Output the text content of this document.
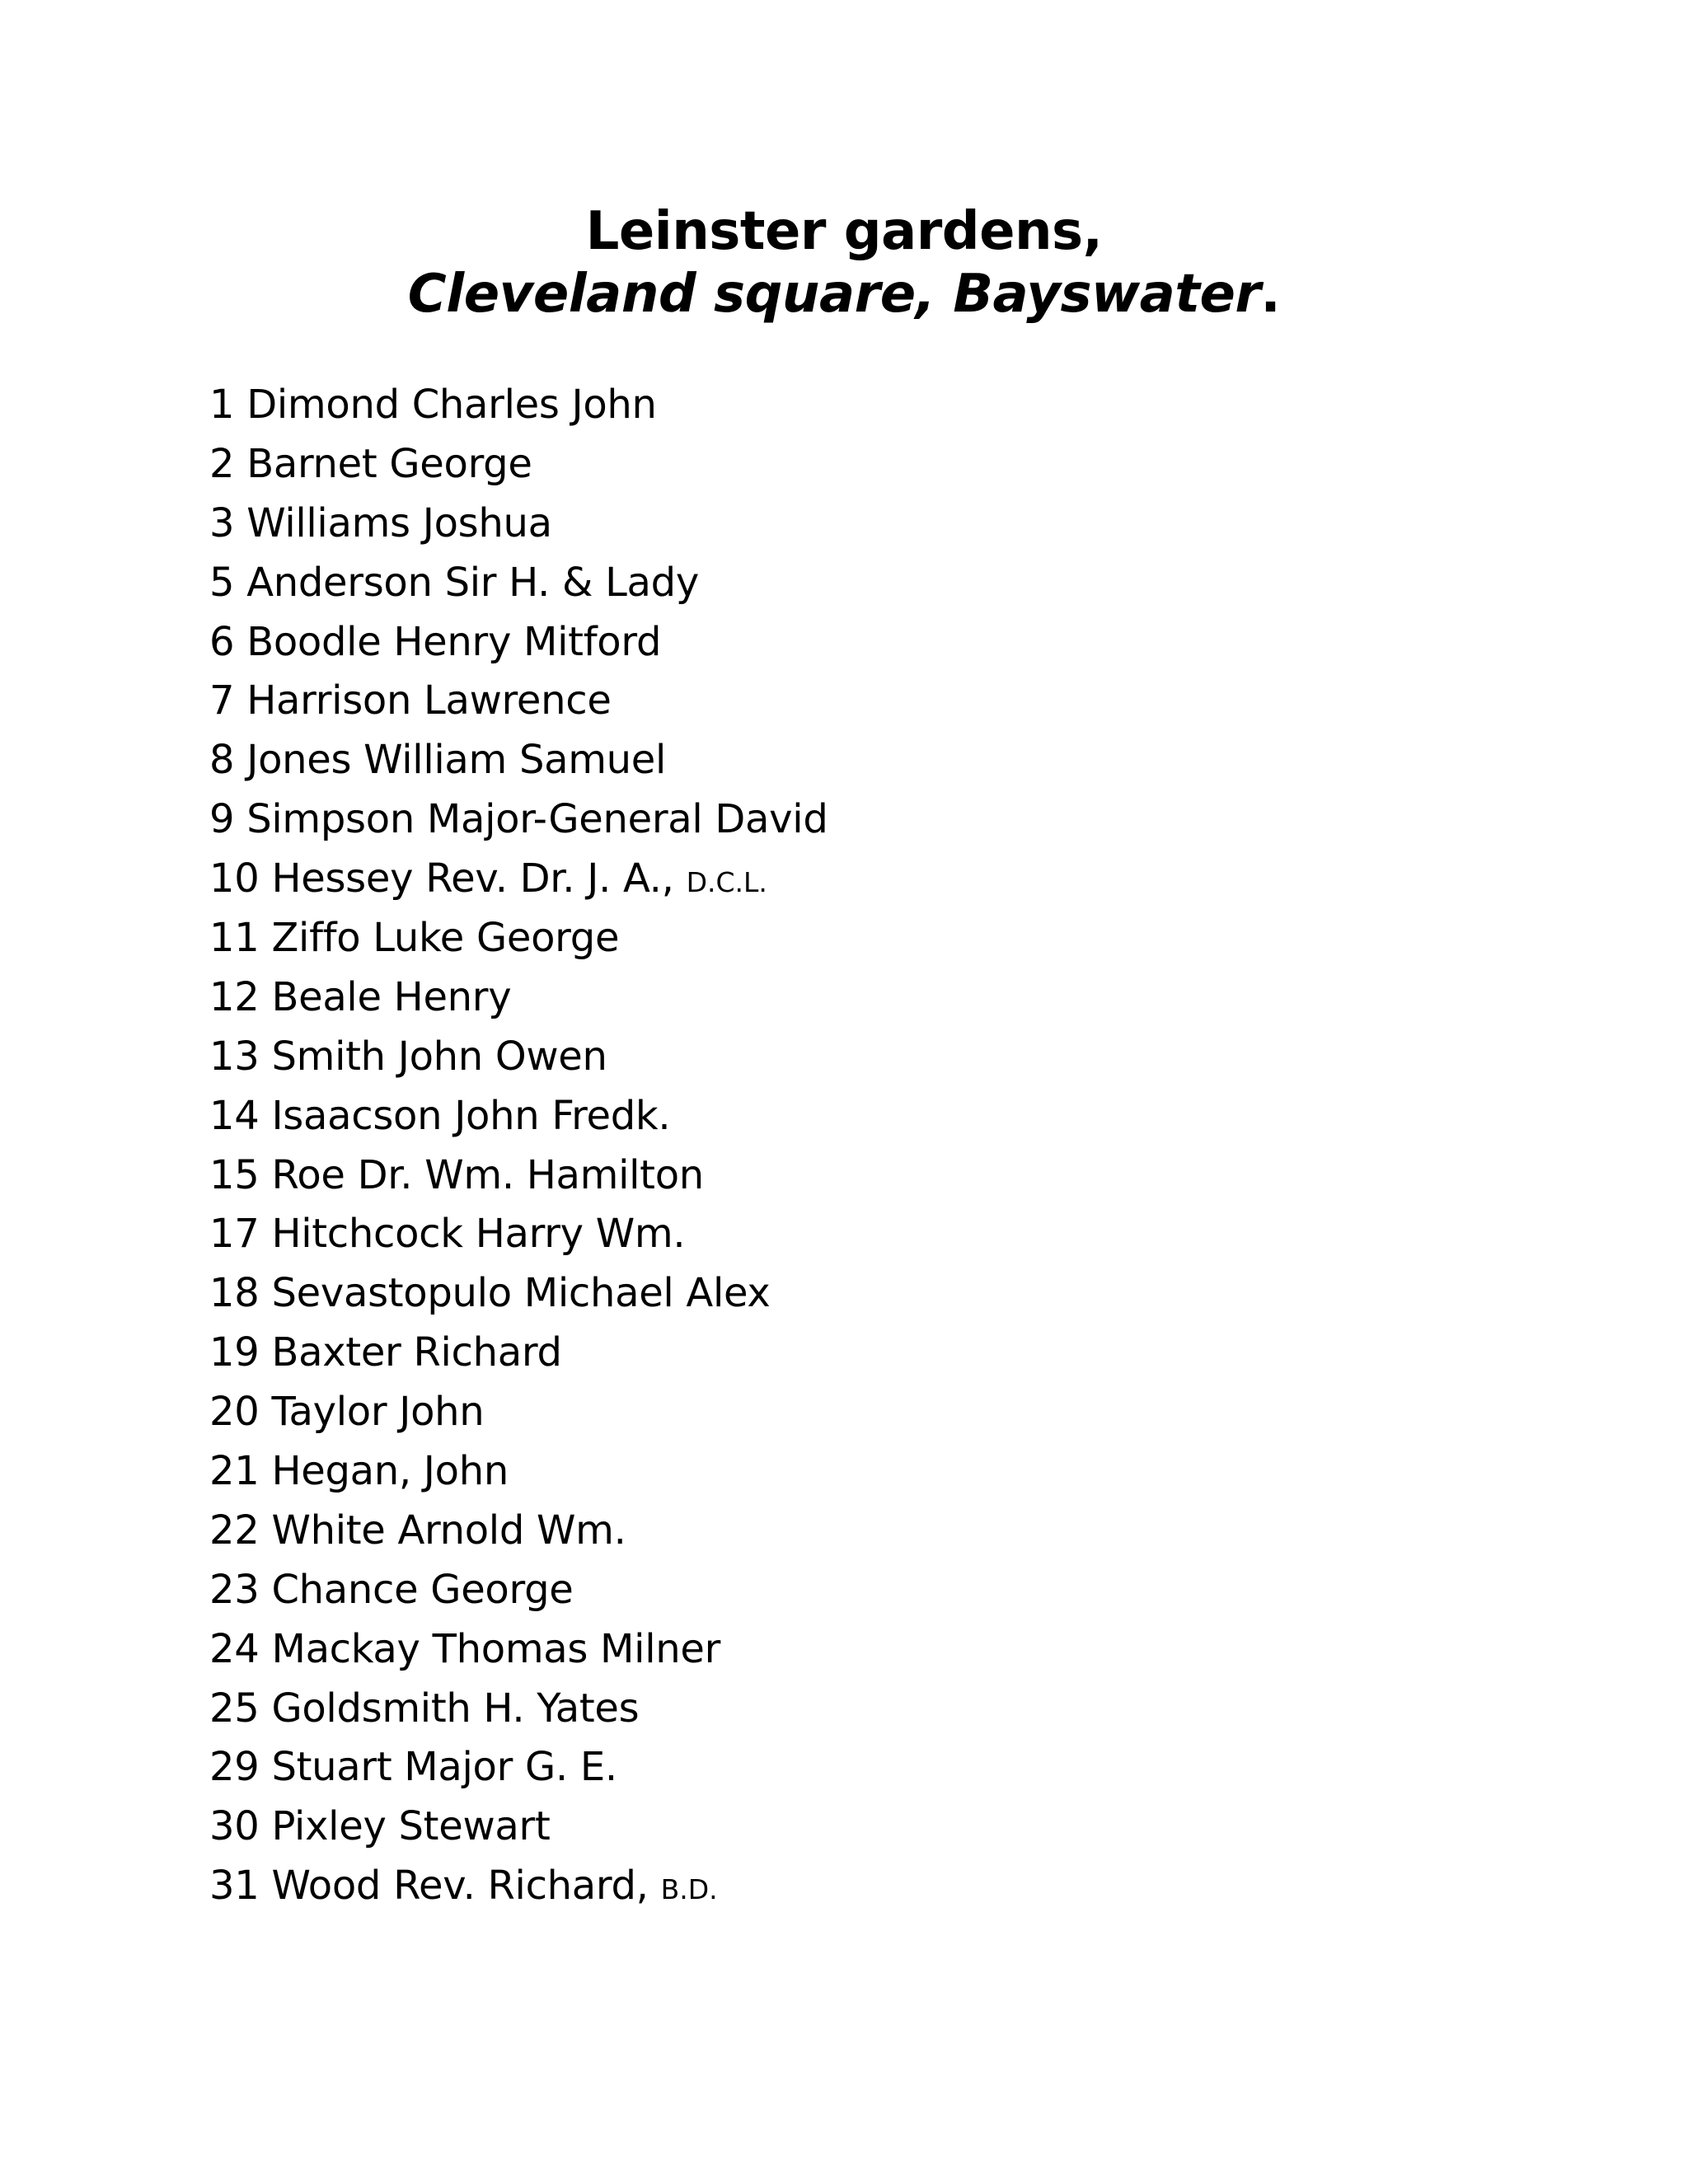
Leinster gardens,
Cleveland square, Bayswater.
1 Dimond Charles John
2 Barnet George
3 Williams Joshua
5 Anderson Sir H. & Lady
6 Boodle Henry Mitford
7 Harrison Lawrence
8 Jones William Samuel
9 Simpson Major-General David
10 Hessey Rev. Dr. J. A., D.C.L.
11 Ziffo Luke George
12 Beale Henry
13 Smith John Owen
14 Isaacson John Fredk.
15 Roe Dr. Wm. Hamilton
17 Hitchcock Harry Wm.
18 Sevastopulo Michael Alex
19 Baxter Richard
20 Taylor John
21 Hegan, John
22 White Arnold Wm.
23 Chance George
24 Mackay Thomas Milner
25 Goldsmith H. Yates
29 Stuart Major G. E.
30 Pixley Stewart
31 Wood Rev. Richard, B.D.
